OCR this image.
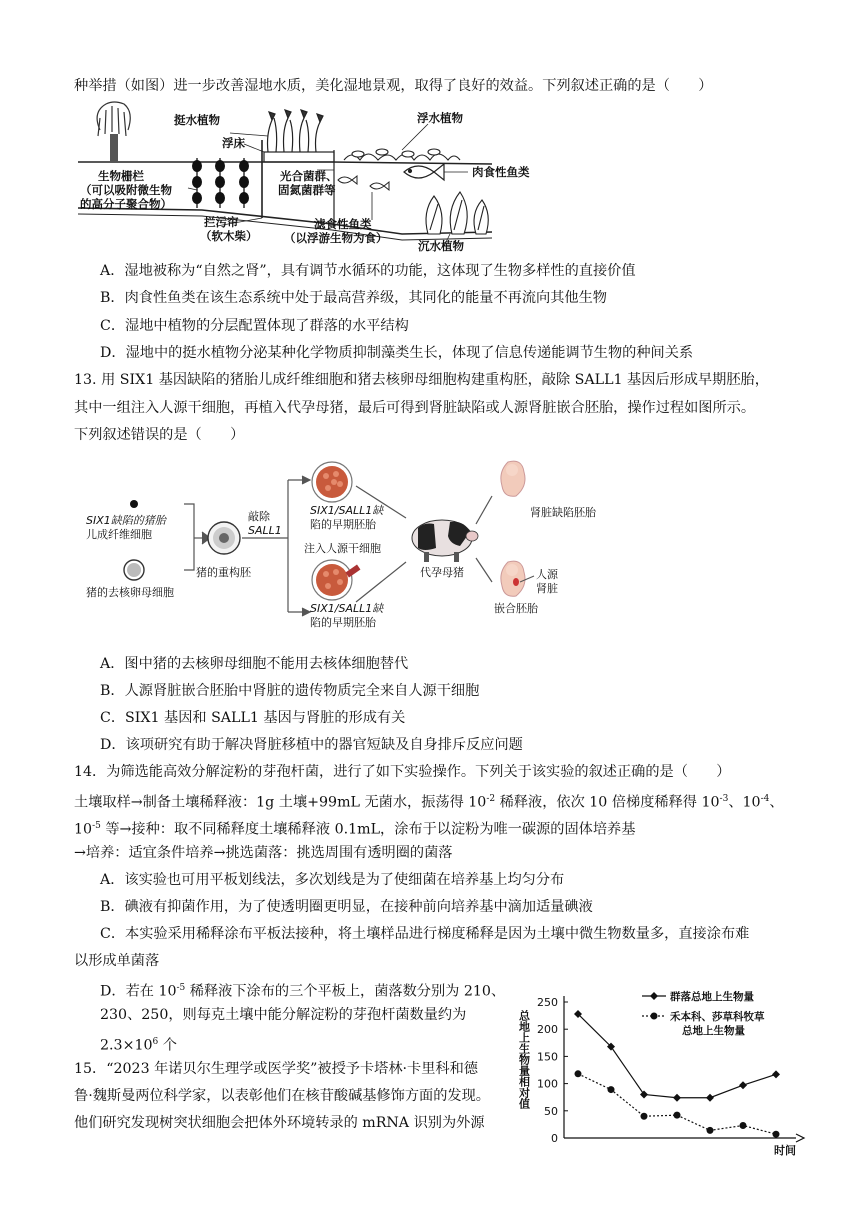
种举措（如图）进一步改善湿地水质，美化湿地景观，取得了良好的效益。下列叙述正确的是（　　）
挺水植物
浮床
浮水植物
生物栅栏
（可以吸附微生物
的高分子聚合物）
光合菌群、
固氮菌群等
肉食性鱼类
拦污帘
（软木柴）
滤食性鱼类
（以浮游生物为食）
沉水植物
A．湿地被称为“自然之肾”，具有调节水循环的功能，这体现了生物多样性的直接价值
B．肉食性鱼类在该生态系统中处于最高营养级，其同化的能量不再流向其他生物
C．湿地中植物的分层配置体现了群落的水平结构
D．湿地中的挺水植物分泌某种化学物质抑制藻类生长，体现了信息传递能调节生物的种间关系
13. 用 SIX1 基因缺陷的猪胎儿成纤维细胞和猪去核卵母细胞构建重构胚，敲除 SALL1 基因后形成早期胚胎，
其中一组注入人源干细胞，再植入代孕母猪，最后可得到肾脏缺陷或人源肾脏嵌合胚胎，操作过程如图所示。
下列叙述错误的是（　　）
SIX1缺陷的猪胎
儿成纤维细胞
猪的去核卵母细胞
猪的重构胚
敲除
SALL1
SIX1/SALL1缺
陷的早期胚胎
注入人源干细胞
SIX1/SALL1缺
陷的早期胚胎
代孕母猪
肾脏缺陷胚胎
人源
肾脏
嵌合胚胎
A．图中猪的去核卵母细胞不能用去核体细胞替代
B．人源肾脏嵌合胚胎中肾脏的遗传物质完全来自人源干细胞
C．SIX1 基因和 SALL1 基因与肾脏的形成有关
D．该项研究有助于解决肾脏移植中的器官短缺及自身排斥反应问题
14．为筛选能高效分解淀粉的芽孢杆菌，进行了如下实验操作。下列关于该实验的叙述正确的是（　　）
土壤取样→制备土壤稀释液：1g 土壤+99mL 无菌水，振荡得 $10^{-2}$ 稀释液，依次 10 倍梯度稀释得 $10^{-3}$、$10^{-4}$、
$10^{-5}$ 等→接种：取不同稀释度土壤稀释液 0.1mL，涂布于以淀粉为唯一碳源的固体培养基
→培养：适宜条件培养→挑选菌落：挑选周围有透明圈的菌落
A．该实验也可用平板划线法，多次划线是为了使细菌在培养基上均匀分布
B．碘液有抑菌作用，为了使透明圈更明显，在接种前向培养基中滴加适量碘液
C．本实验采用稀释涂布平板法接种，将土壤样品进行梯度稀释是因为土壤中微生物数量多，直接涂布难
以形成单菌落
D．若在 $10^{-5}$ 稀释液下涂布的三个平板上，菌落数分别为 210、
230、250，则每克土壤中能分解淀粉的芽孢杆菌数量约为
$2.3\times 10^6$ 个
15．“2023 年诺贝尔生理学或医学奖”被授予卡塔林·卡里科和德
鲁·魏斯曼两位科学家，以表彰他们在核苷酸碱基修饰方面的发现。
他们研究发现树突状细胞会把体外环境转录的 mRNA 识别为外源
0
50
100
150
200
250
总地上生物量相对值
时间
群落总地上生物量
禾本科、莎草科牧草
总地上生物量
